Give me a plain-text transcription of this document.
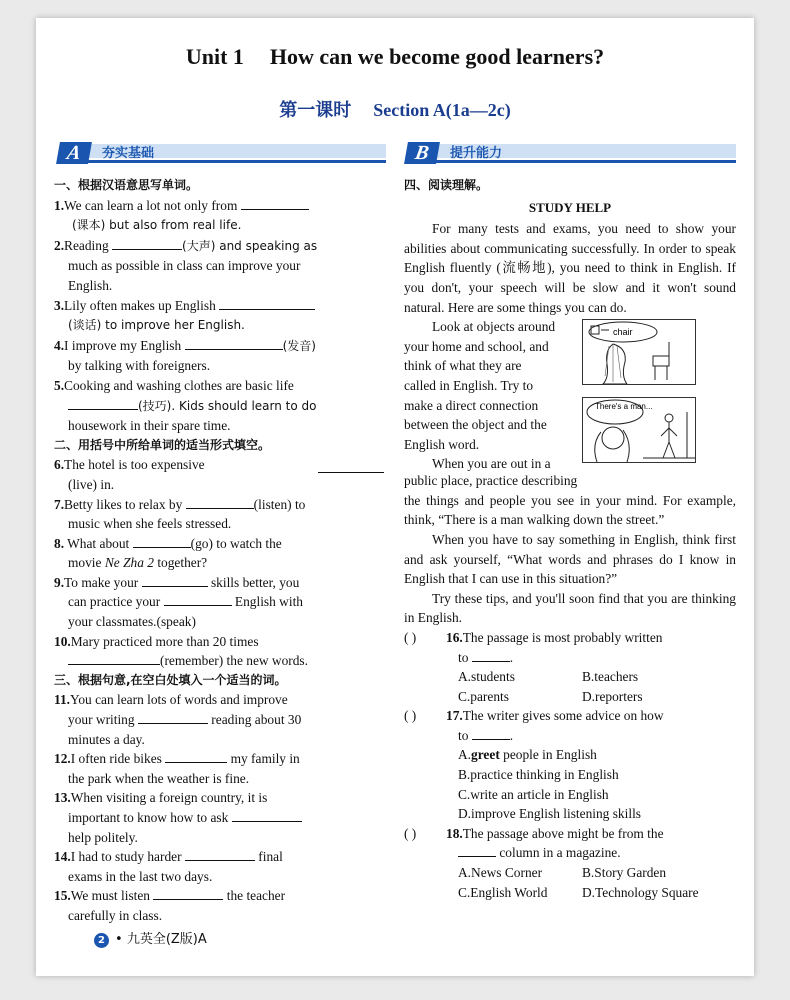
Unit 1 How can we become good learners?
第一课时 Section A(1a—2c)
A	夯实基础	B	提升能力
一、根据汉语意思写单词。
1.We can learn a lot not only from
(课本) but also from real life.
2.Reading	(大声) and speaking as
much as possible in class can improve your
English.
3.Lily often makes up English
(谈话) to improve her English.
4.I improve my English	(发音)
by talking with foreigners.
5.Cooking and washing clothes are basic life
(技巧). Kids should learn to do
housework in their spare time.
二、用括号中所给单词的适当形式填空。
6.The hotel is too expensive

(live) in.
7.Betty likes to relax by	(listen) to
music when she feels stressed.
8. What about	(go) to watch the
movie Ne Zha 2 together?
9.To make your	skills better, you
can practice your	English with
your classmates.(speak)
10.Mary practiced more than 20 times
(remember) the new words.
三、根据句意,在空白处填入一个适当的词。
11.You can learn lots of words and improve
your writing	reading about 30
minutes a day.
12.I often ride bikes	my family in
the park when the weather is fine.
13.When visiting a foreign country, it is
important to know how to ask
help politely.
14.I had to study harder	final
exams in the last two days.
15.We must listen	the teacher
carefully in class.
四、阅读理解。
STUDY HELP
For many tests and exams, you need to show your abilities about communicating successfully. In order to speak English fluently (流畅地), you need to think in English. If you don't, your speech will be slow and it won't sound natural. Here are some things you can do.
Look at objects around
your home and school, and
think of what they are
called in English. Try to
make a direct connection
between the object and the
English word.
When you are out in a
chair
There's a man...
public place, practice describing
the things and people you see in your mind. For example, think, “There is a man walking down the street.”
When you have to say something in English, think first and ask yourself, “What words and phrases do I know in English that I can use in this situation?”
Try these tips, and you'll soon find that you are thinking in English.
( ) 16.The passage is most probably written
to	.
A.students	B.teachers
C.parents	D.reporters
( ) 17.The writer gives some advice on how
to	.
A.greet people in English
B.practice thinking in English
C.write an article in English
D.improve English listening skills
( ) 18.The passage above might be from the
column in a magazine.
A.News Corner	B.Story Garden
C.English World	D.Technology Square
2 • 九英全(Z版)A
